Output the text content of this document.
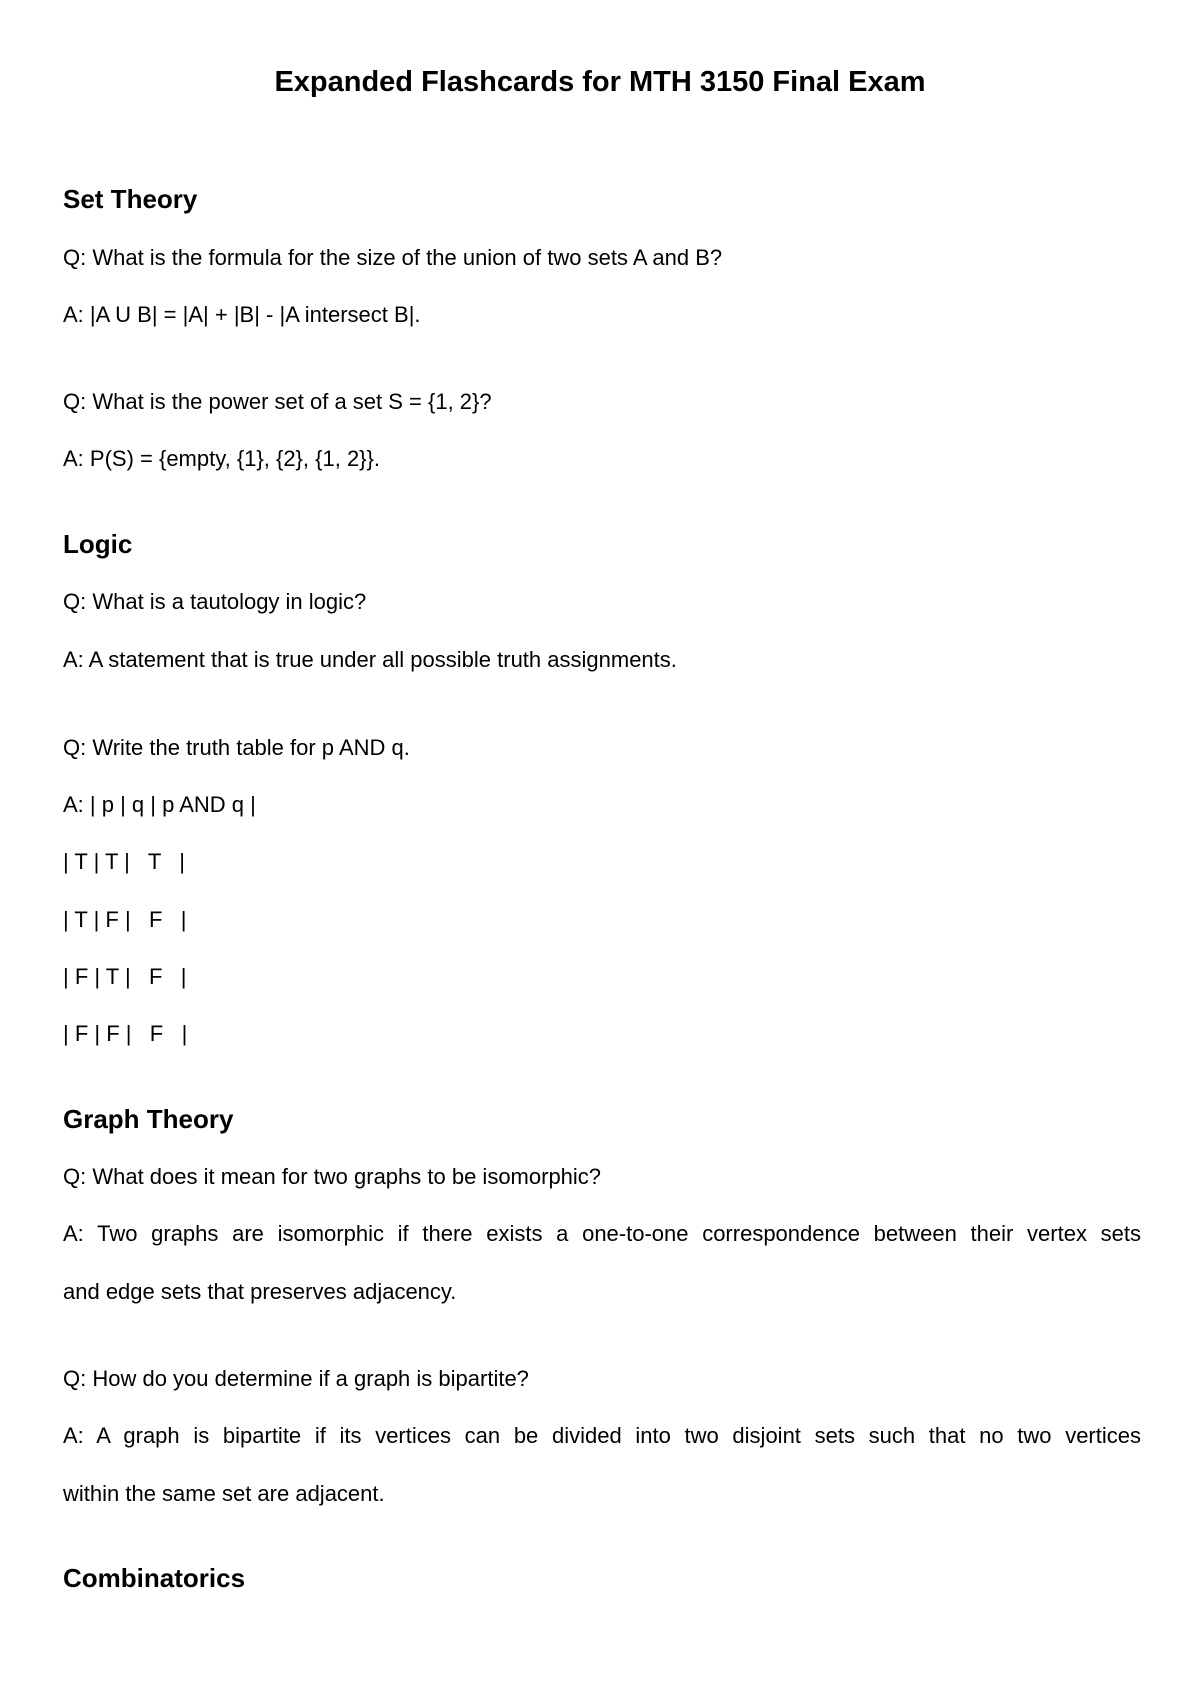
Expanded Flashcards for MTH 3150 Final Exam
Set Theory

Q: What is the formula for the size of the union of two sets A and B?

A: |A U B| = |A| + |B| - |A intersect B|.

Q: What is the power set of a set S = {1, 2}?

A: P(S) = {empty, {1}, {2}, {1, 2}}.

Logic

Q: What is a tautology in logic?

A: A statement that is true under all possible truth assignments.

Q: Write the truth table for p AND q.

A: | p | q | p AND q |

| T | T |   T   |

| T | F |   F   |

| F | T |   F   |

| F | F |   F   |

Graph Theory

Q: What does it mean for two graphs to be isomorphic?

A: Two graphs are isomorphic if there exists a one-to-one correspondence between their vertex sets

and edge sets that preserves adjacency.

Q: How do you determine if a graph is bipartite?

A: A graph is bipartite if its vertices can be divided into two disjoint sets such that no two vertices

within the same set are adjacent.

Combinatorics
